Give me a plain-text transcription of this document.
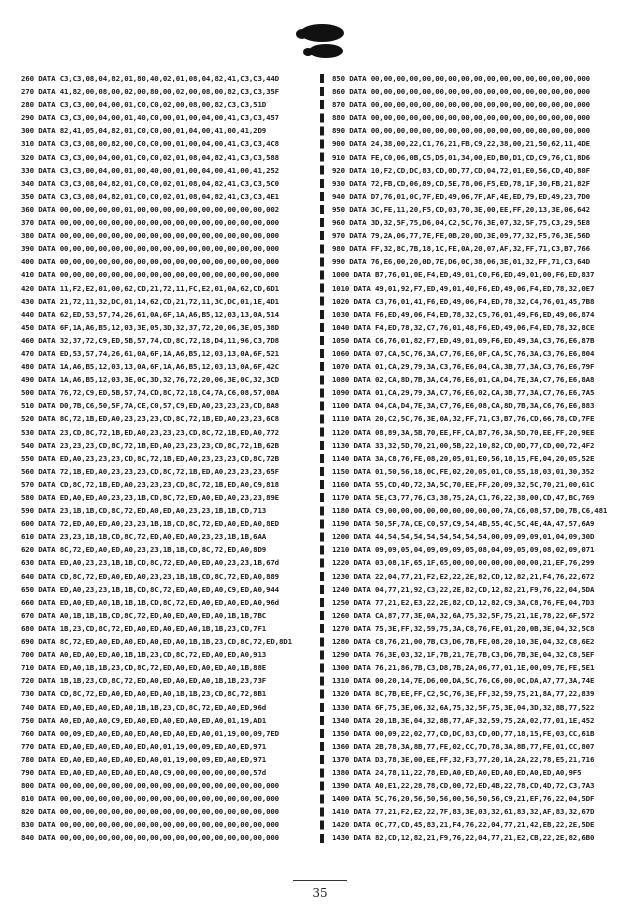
260 DATA C3,C3,08,04,82,01,80,40,02,01,08,04,82,41,C3,C3,44D
270 DATA 41,82,00,08,00,02,00,80,00,02,00,08,00,82,C3,C3,35F
280 DATA C3,C3,00,04,00,01,C0,C0,02,00,08,00,82,C3,C3,51D
290 DATA C3,C3,00,04,00,01,40,C0,00,01,00,04,00,41,C3,C3,457
300 DATA 82,41,05,04,82,01,C0,C0,00,01,04,00,41,00,41,2D9
310 DATA C3,C3,08,00,82,00,C0,C0,00,01,00,04,00,41,C3,C3,4C8
320 DATA C3,C3,00,04,00,01,C0,C0,02,01,08,04,82,41,C3,C3,588
330 DATA C3,C3,00,04,00,01,00,40,00,01,00,04,00,41,00,41,252
340 DATA C3,C3,08,04,82,01,C0,C0,02,01,08,04,82,41,C3,C3,5C0
350 DATA C3,C3,08,04,82,01,C0,C0,02,01,08,04,82,41,C3,C3,4E1
360 DATA 00,00,00,00,00,01,00,00,00,00,00,00,00,00,00,00,002
370 DATA 00,00,00,00,00,00,00,00,00,00,00,00,00,00,00,00,000
380 DATA 00,00,00,00,00,00,00,00,00,00,00,00,00,00,00,00,000
390 DATA 00,00,00,00,00,00,00,00,00,00,00,00,00,00,00,00,000
400 DATA 00,00,00,00,00,00,00,00,00,00,00,00,00,00,00,00,000
410 DATA 00,00,00,00,00,00,00,00,00,00,00,00,00,00,00,00,000
420 DATA 11,F2,E2,01,00,62,CD,21,72,11,FC,E2,01,0A,62,CD,6D1
430 DATA 21,72,11,32,DC,01,14,62,CD,21,72,11,3C,DC,01,1E,4D1
440 DATA 62,ED,53,57,74,26,61,0A,6F,1A,A6,B5,12,03,13,0A,514
450 DATA 6F,1A,A6,B5,12,03,3E,05,3D,32,37,72,20,06,3E,05,38D
460 DATA 32,37,72,C9,ED,5B,57,74,CD,8C,72,18,D4,11,96,C3,7D8
470 DATA ED,53,57,74,26,61,0A,6F,1A,A6,B5,12,03,13,0A,6F,521
480 DATA 1A,A6,B5,12,03,13,0A,6F,1A,A6,B5,12,03,13,0A,6F,42C
490 DATA 1A,A6,B5,12,03,3E,0C,3D,32,76,72,20,06,3E,0C,32,3CD
500 DATA 76,72,C9,ED,5B,57,74,CD,8C,72,18,C4,7A,C6,08,57,08A
510 DATA D0,7B,C6,50,5F,7A,CE,C0,57,C9,ED,A0,23,23,23,CD,8A8
520 DATA 8C,72,1B,ED,A0,23,23,23,CD,8C,72,1B,ED,A0,23,23,6C8
530 DATA 23,CD,8C,72,1B,ED,A0,23,23,23,CD,8C,72,1B,ED,A0,772
540 DATA 23,23,23,CD,8C,72,1B,ED,A0,23,23,23,CD,8C,72,1B,62B
550 DATA ED,A0,23,23,23,CD,8C,72,1B,ED,A0,23,23,23,CD,8C,72B
560 DATA 72,1B,ED,A0,23,23,23,CD,8C,72,1B,ED,A0,23,23,23,65F
570 DATA CD,8C,72,1B,ED,A0,23,23,23,CD,8C,72,1B,ED,A0,C9,818
580 DATA ED,A0,ED,A0,23,23,1B,CD,8C,72,ED,A0,ED,A0,23,23,89E
590 DATA 23,1B,1B,CD,8C,72,ED,A0,ED,A0,23,23,1B,1B,CD,713
600 DATA 72,ED,A0,ED,A0,23,23,1B,1B,CD,8C,72,ED,A0,ED,A0,8ED
610 DATA 23,23,1B,1B,CD,8C,72,ED,A0,ED,A0,23,23,1B,1B,6AA
620 DATA 8C,72,ED,A0,ED,A0,23,23,1B,1B,CD,8C,72,ED,A0,8D9
630 DATA ED,A0,23,23,1B,1B,CD,8C,72,ED,A0,ED,A0,23,23,1B,67d
640 DATA CD,8C,72,ED,A0,ED,A0,23,23,1B,1B,CD,8C,72,ED,A0,889
650 DATA ED,A0,23,23,1B,1B,CD,8C,72,ED,A0,ED,A0,C9,ED,A0,944
660 DATA ED,A0,ED,A0,1B,1B,1B,CD,8C,72,ED,A0,ED,A0,ED,A0,96d
670 DATA A0,1B,1B,1B,CD,8C,72,ED,A0,ED,A0,ED,A0,1B,1B,7BC
680 DATA 1B,23,CD,8C,72,ED,A0,ED,A0,ED,A0,1B,1B,23,CD,7F1
690 DATA 8C,72,ED,A0,ED,A0,ED,A0,ED,A0,1B,1B,23,CD,8C,72,ED,8D1
700 DATA A0,ED,A0,ED,A0,1B,1B,23,CD,8C,72,ED,A0,ED,A0,913
710 DATA ED,A0,1B,1B,23,CD,8C,72,ED,A0,ED,A0,ED,A0,1B,88E
720 DATA 1B,1B,23,CD,8C,72,ED,A0,ED,A0,ED,A0,1B,1B,23,73F
730 DATA CD,8C,72,ED,A0,ED,A0,ED,A0,1B,1B,23,CD,8C,72,8B1
740 DATA ED,A0,ED,A0,ED,A0,1B,1B,23,CD,8C,72,ED,A0,ED,96d
750 DATA A0,ED,A0,A0,C9,ED,A0,ED,A0,ED,A0,ED,A0,01,19,AD1
760 DATA 00,09,ED,A0,ED,A0,ED,A0,ED,A0,ED,A0,01,19,00,09,7ED
770 DATA ED,A0,ED,A0,ED,A0,ED,A0,01,19,00,09,ED,A0,ED,971
780 DATA ED,A0,ED,A0,ED,A0,ED,A0,01,19,00,09,ED,A0,ED,971
790 DATA ED,A0,ED,A0,ED,A0,ED,A0,C9,00,00,00,00,00,00,57d
800 DATA 00,00,00,00,00,00,00,00,00,00,00,00,00,00,00,00,000
810 DATA 00,00,00,00,00,00,00,00,00,00,00,00,00,00,00,00,000
820 DATA 00,00,00,00,00,00,00,00,00,00,00,00,00,00,00,00,000
830 DATA 00,00,00,00,00,00,00,00,00,00,00,00,00,00,00,00,000
840 DATA 00,00,00,00,00,00,00,00,00,00,00,00,00,00,00,00,000
850 DATA 00,00,00,00,00,00,00,00,00,00,00,00,00,00,00,00,000
860 DATA 00,00,00,00,00,00,00,00,00,00,00,00,00,00,00,00,000
870 DATA 00,00,00,00,00,00,00,00,00,00,00,00,00,00,00,00,000
880 DATA 00,00,00,00,00,00,00,00,00,00,00,00,00,00,00,00,000
890 DATA 00,00,00,00,00,00,00,00,00,00,00,00,00,00,00,00,000
900 DATA 24,38,00,22,C1,76,21,FB,C9,22,38,00,21,50,62,11,4DE
910 DATA FE,C0,06,0B,C5,D5,01,34,00,ED,B0,D1,CD,C9,76,C1,8D6
920 DATA 10,F2,CD,DC,83,CD,0D,77,CD,04,72,01,E0,56,CD,4D,80F
930 DATA 72,FB,CD,06,89,CD,5E,78,06,F5,ED,78,1F,30,FB,21,82F
940 DATA D7,76,01,0C,7F,ED,49,06,7F,AF,4E,ED,79,ED,49,23,7D0
950 DATA 3C,FE,11,20,F5,CD,03,70,3E,00,EE,FF,20,13,3E,06,642
960 DATA 3D,32,5F,75,D6,04,C2,5C,76,3E,07,32,5F,75,C3,29,5E8
970 DATA 79,2A,06,77,7E,FE,0B,20,0D,3E,09,77,32,F5,76,3E,56D
980 DATA FF,32,8C,7B,18,1C,FE,0A,20,07,AF,32,FF,71,C3,B7,766
990 DATA 76,E6,00,20,0D,7E,D6,0C,38,06,3E,01,32,FF,71,C3,64D
1000 DATA B7,76,01,0E,F4,ED,49,01,C0,F6,ED,49,01,00,F6,ED,837
1010 DATA 49,01,92,F7,ED,49,01,40,F6,ED,49,06,F4,ED,78,32,0E7
1020 DATA C3,76,01,41,F6,ED,49,06,F4,ED,78,32,C4,76,01,45,7B8
1030 DATA F6,ED,49,06,F4,ED,78,32,C5,76,01,49,F6,ED,49,06,874
1040 DATA F4,ED,78,32,C7,76,01,48,F6,ED,49,06,F4,ED,78,32,8CE
1050 DATA C6,76,01,82,F7,ED,49,01,09,F6,ED,49,3A,C3,76,E6,87B
1060 DATA 07,CA,5C,76,3A,C7,76,E6,0F,CA,5C,76,3A,C3,76,E6,804
1070 DATA 01,CA,29,79,3A,C3,76,E6,04,CA,3B,77,3A,C3,76,E6,79F
1080 DATA 02,CA,8D,7B,3A,C4,76,E6,01,CA,D4,7E,3A,C7,76,E6,8A8
1090 DATA 01,CA,29,79,3A,C7,76,E6,02,CA,3B,77,3A,C7,76,E6,7A5
1100 DATA 04,CA,D4,7E,3A,C7,76,E6,08,CA,8D,7B,3A,C6,76,E6,883
1110 DATA 20,C2,5C,76,3E,0A,32,FF,71,C3,B7,76,CD,66,78,CD,7FE
1120 DATA 08,89,3A,5B,70,EE,FF,CA,B7,76,3A,5D,70,EE,FF,20,9EE
1130 DATA 33,32,5D,70,21,00,5B,22,10,82,CD,0D,77,CD,00,72,4F2
1140 DATA 3A,C8,76,FE,08,20,05,01,E0,56,18,15,FE,04,20,05,52E
1150 DATA 01,50,56,18,0C,FE,02,20,05,01,C0,55,18,03,01,30,352
1160 DATA 55,CD,4D,72,3A,5C,70,EE,FF,20,09,32,5C,70,21,00,61C
1170 DATA 5E,C3,77,76,C3,38,75,2A,C1,76,22,38,00,CD,47,BC,769
1180 DATA C9,00,00,00,00,00,00,00,00,00,7A,C6,08,57,D0,7B,C6,481
1190 DATA 50,5F,7A,CE,C0,57,C9,54,4B,55,4C,5C,4E,4A,47,57,6A9
1200 DATA 44,54,54,54,54,54,54,54,54,00,09,09,09,01,04,09,30D
1210 DATA 09,09,05,04,09,09,09,05,08,04,09,05,09,08,02,09,071
1220 DATA 03,08,1F,65,1F,65,00,00,00,00,00,00,00,21,EF,76,299
1230 DATA 22,04,77,21,F2,E2,22,2E,82,CD,12,82,21,F4,76,22,672
1240 DATA 04,77,21,92,C3,22,2E,82,CD,12,82,21,F9,76,22,04,5DA
1250 DATA 77,21,E2,E3,22,2E,82,CD,12,82,C9,3A,C8,76,FE,04,7D3
1260 DATA CA,87,77,3E,0A,32,6A,75,32,5F,75,21,1E,78,22,6F,572
1270 DATA 75,3E,FF,32,59,75,3A,C8,76,FE,01,20,0B,3E,04,32,5C8
1280 DATA C8,76,21,00,7B,C3,D6,7B,FE,08,20,10,3E,04,32,C8,6E2
1290 DATA 76,3E,03,32,1F,7B,21,7E,7B,C3,D6,7B,3E,04,32,C8,5EF
1300 DATA 76,21,86,7B,C3,D8,7B,2A,06,77,01,1E,00,09,7E,FE,5E1
1310 DATA 00,20,14,7E,D6,00,DA,5C,76,C6,00,0C,DA,A7,77,3A,74E
1320 DATA 8C,7B,EE,FF,C2,5C,76,3E,FF,32,59,75,21,8A,77,22,839
1330 DATA 6F,75,3E,06,32,6A,75,32,5F,75,3E,04,3D,32,8B,77,522
1340 DATA 20,1B,3E,04,32,8B,77,AF,32,59,75,2A,02,77,01,1E,452
1350 DATA 00,09,22,02,77,CD,DC,83,CD,0D,77,18,15,FE,03,CC,61B
1360 DATA 2B,78,3A,8B,77,FE,02,CC,7D,78,3A,8B,77,FE,01,CC,807
1370 DATA D3,78,3E,00,EE,FF,32,F3,77,20,1A,2A,22,78,E5,21,716
1380 DATA 24,78,11,22,78,ED,A0,ED,A0,ED,A0,ED,A0,ED,A0,9F5
1390 DATA A0,E1,22,28,78,CD,00,72,ED,4B,22,78,CD,4D,72,C3,7A3
1400 DATA 5C,76,20,56,50,56,00,56,50,56,C9,21,EF,76,22,04,5DF
1410 DATA 77,21,F2,E2,22,7F,83,3E,03,32,61,83,32,AF,83,32,67D
1420 DATA 0C,77,CD,45,83,21,F4,76,22,04,77,21,42,EB,22,2E,5DE
1430 DATA 82,CD,12,82,21,F9,76,22,04,77,21,E2,CB,22,2E,82,6B0
35
